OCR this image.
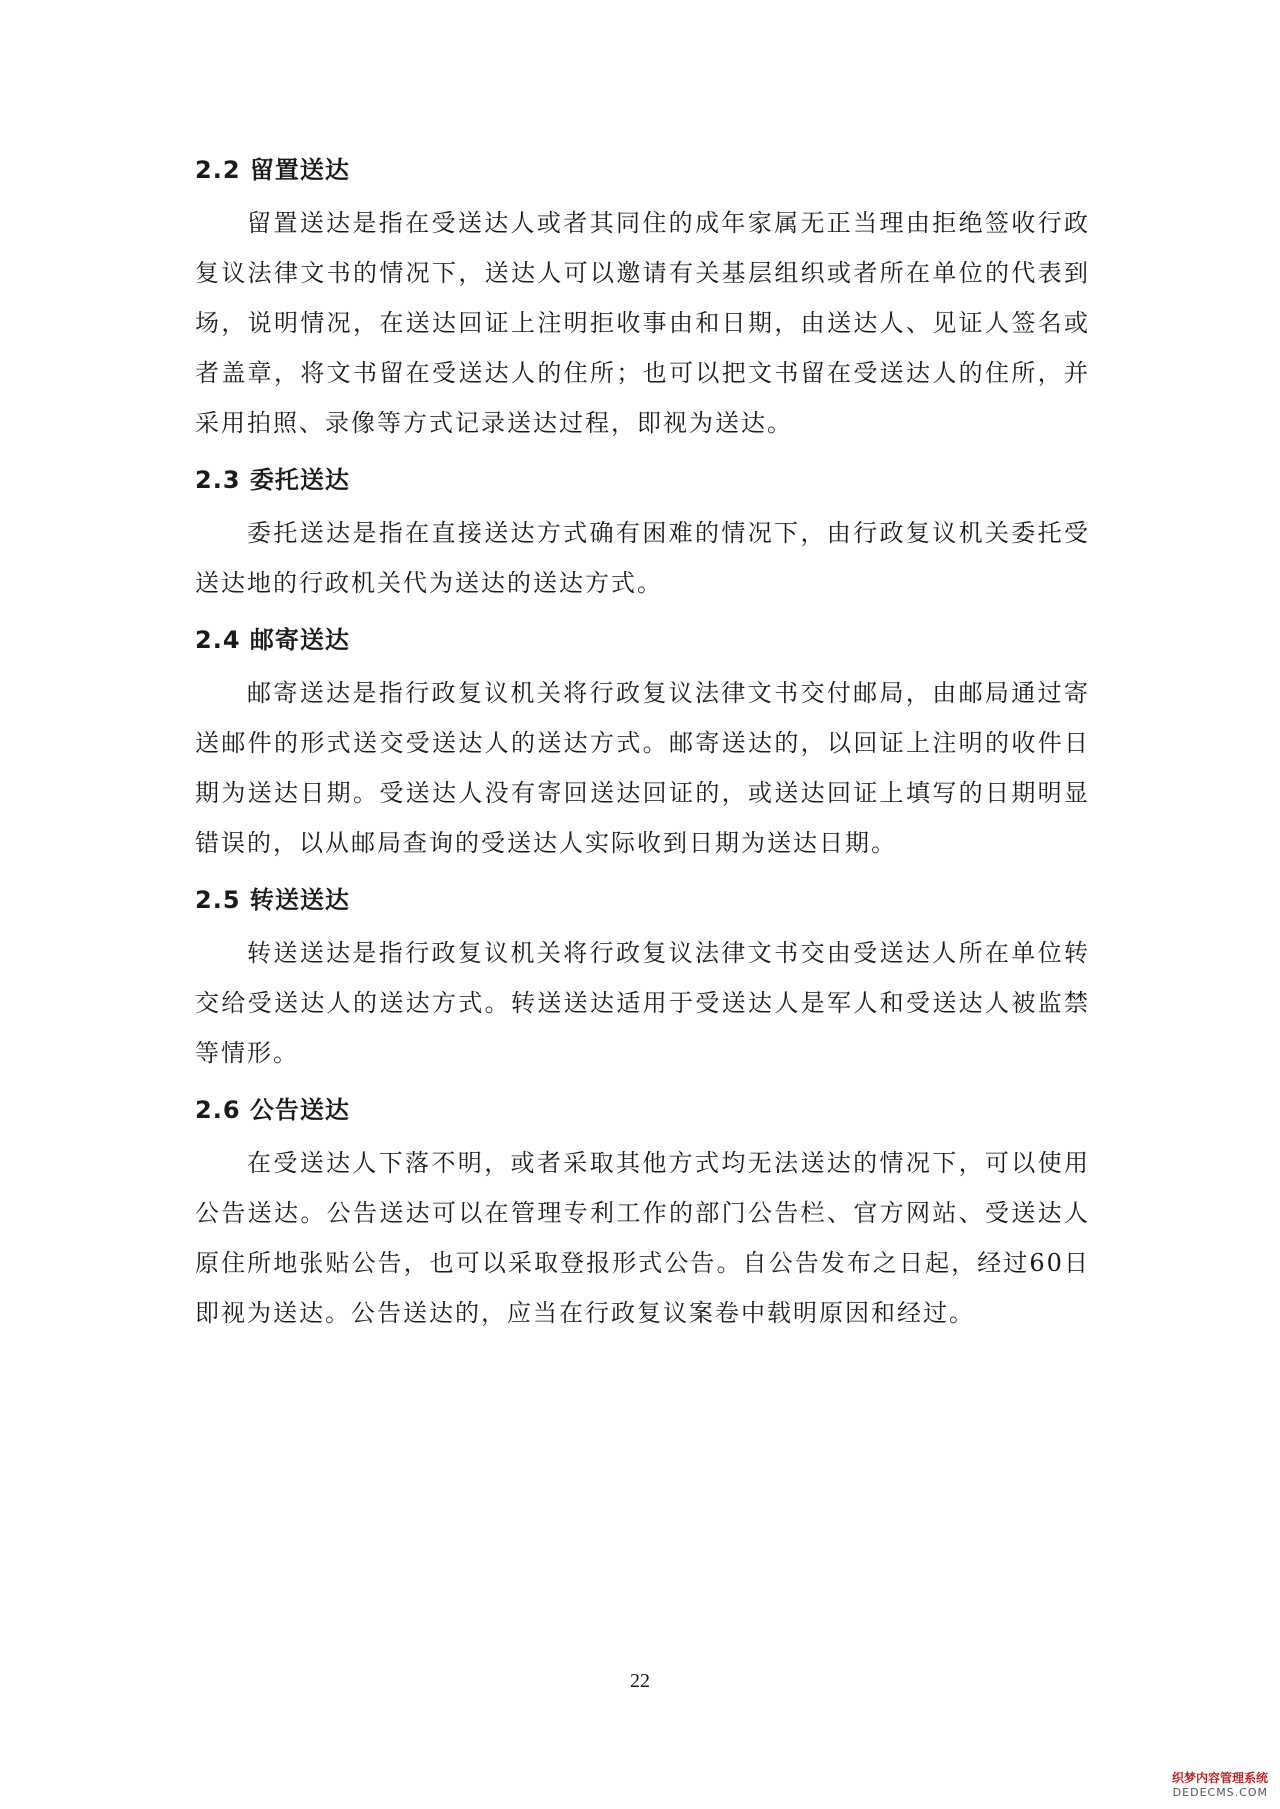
2.2 留置送达

留置送达是指在受送达人或者其同住的成年家属无正当理由拒绝签收行政复议法律文书的情况下，送达人可以邀请有关基层组织或者所在单位的代表到场，说明情况，在送达回证上注明拒收事由和日期，由送达人、见证人签名或者盖章，将文书留在受送达人的住所；也可以把文书留在受送达人的住所，并采用拍照、录像等方式记录送达过程，即视为送达。

2.3 委托送达

委托送达是指在直接送达方式确有困难的情况下，由行政复议机关委托受送达地的行政机关代为送达的送达方式。

2.4 邮寄送达

邮寄送达是指行政复议机关将行政复议法律文书交付邮局，由邮局通过寄送邮件的形式送交受送达人的送达方式。邮寄送达的，以回证上注明的收件日期为送达日期。受送达人没有寄回送达回证的，或送达回证上填写的日期明显错误的，以从邮局查询的受送达人实际收到日期为送达日期。

2.5 转送送达

转送送达是指行政复议机关将行政复议法律文书交由受送达人所在单位转交给受送达人的送达方式。转送送达适用于受送达人是军人和受送达人被监禁等情形。

2.6 公告送达

在受送达人下落不明，或者采取其他方式均无法送达的情况下，可以使用公告送达。公告送达可以在管理专利工作的部门公告栏、官方网站、受送达人原住所地张贴公告，也可以采取登报形式公告。自公告发布之日起，经过60日即视为送达。公告送达的，应当在行政复议案卷中载明原因和经过。

22
织梦内容管理系统
DEDECMS.COM
